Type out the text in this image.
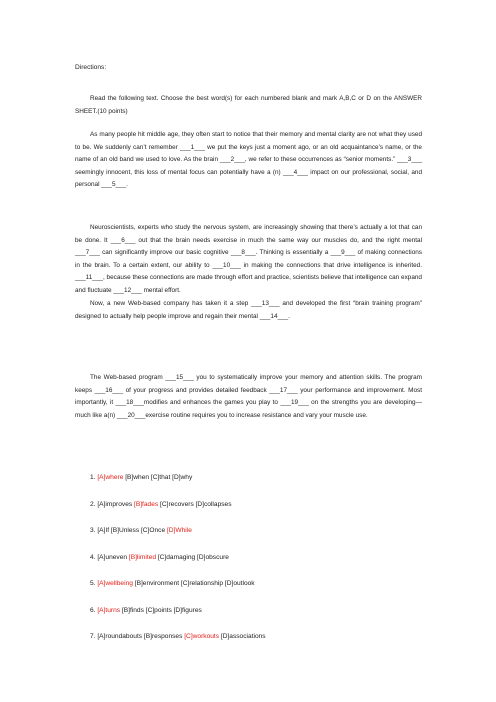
Directions:

Read the following text. Choose the best word(s) for each numbered blank and mark A,B,C or D on the ANSWER SHEET.(10 points)

As many people hit middle age, they often start to notice that their memory and mental clarity are not what they used to be. We suddenly can’t remember ___1___ we put the keys just a moment ago, or an old acquaintance’s name, or the name of an old band we used to love. As the brain ___2___, we refer to these occurrences as “senior moments.” ___3___ seemingly innocent, this loss of mental focus can potentially have a (n) ___4___ impact on our professional, social, and personal ___5___.

Neuroscientists, experts who study the nervous system, are increasingly showing that there’s actually a lot that can be done. It ___6___ out that the brain needs exercise in much the same way our muscles do, and the right mental ___7___ can significantly improve our basic cognitive ___8___. Thinking is essentially a ___9___ of making connections in the brain. To a certain extent, our ability to ___10___ in making the connections that drive intelligence is inherited. ___11___, because these connections are made through effort and practice, scientists believe that intelligence can expand and fluctuate ___12___ mental effort.

Now, a new Web-based company has taken it a step ___13___ and developed the first “brain training program” designed to actually help people improve and regain their mental ___14___.

The Web-based program ___15___ you to systematically improve your memory and attention skills. The program keeps ___16___ of your progress and provides detailed feedback ___17___ your performance and improvement. Most importantly, it ___18___modifies and enhances the games you play to ___19___ on the strengths you are developing—much like a(n) ___20___exercise routine requires you to increase resistance and vary your muscle use.

1. [A]where [B]when [C]that [D]why
2. [A]improves [B]fades [C]recovers [D]collapses
3. [A]If [B]Unless [C]Once [D]While
4. [A]uneven [B]limited [C]damaging [D]obscure
5. [A]wellbeing [B]environment [C]relationship [D]outlook
6. [A]turns [B]finds [C]points [D]figures
7. [A]roundabouts [B]responses [C]workouts [D]associations
